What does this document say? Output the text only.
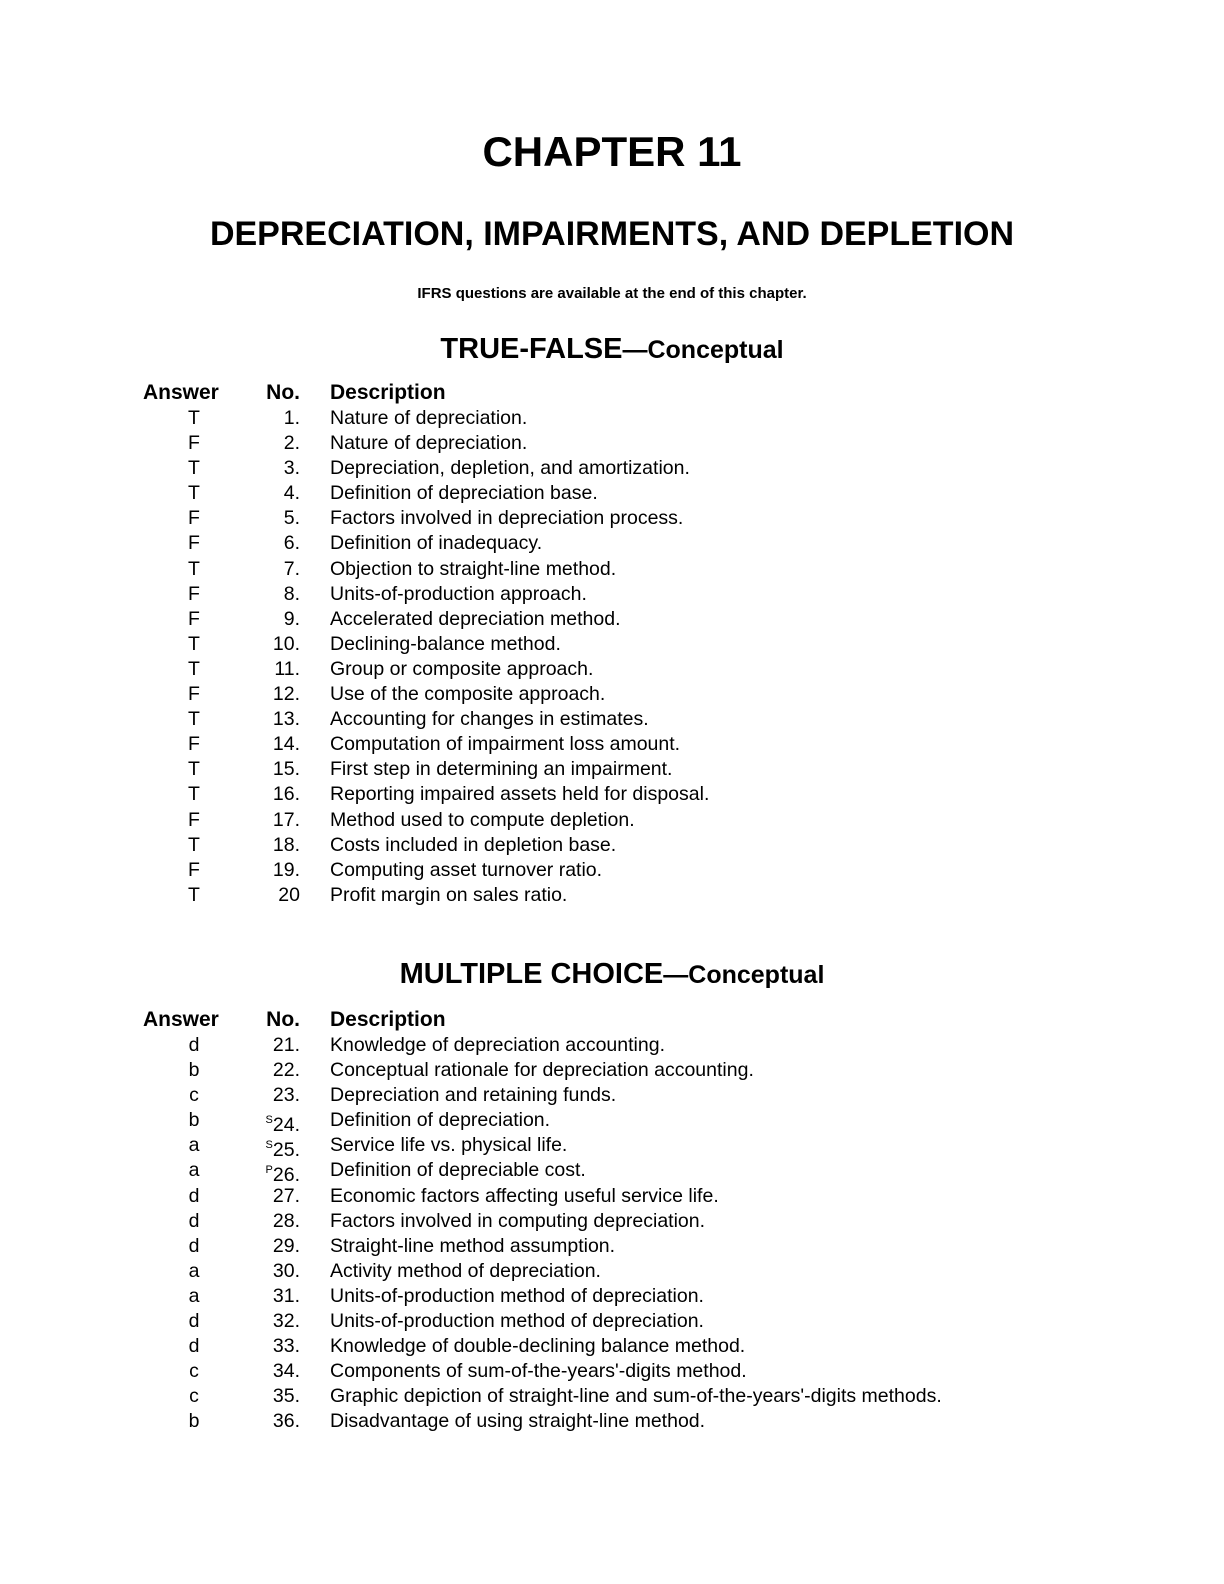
CHAPTER 11
DEPRECIATION, IMPAIRMENTS, AND DEPLETION
IFRS questions are available at the end of this chapter.
TRUE-FALSE—Conceptual
Answer No. Description
T	1. Nature of depreciation.
F	2. Nature of depreciation.
T	3. Depreciation, depletion, and amortization.
T	4. Definition of depreciation base.
F	5. Factors involved in depreciation process.
F	6. Definition of inadequacy.
T	7. Objection to straight-line method.
F	8. Units-of-production approach.
F	9. Accelerated depreciation method.
T	10. Declining-balance method.
T	11. Group or composite approach.
F	12. Use of the composite approach.
T	13. Accounting for changes in estimates.
F	14. Computation of impairment loss amount.
T	15. First step in determining an impairment.
T	16. Reporting impaired assets held for disposal.
F	17. Method used to compute depletion.
T	18. Costs included in depletion base.
F	19. Computing asset turnover ratio.
T	20 Profit margin on sales ratio.
MULTIPLE CHOICE—Conceptual
Answer No. Description
d	21. Knowledge of depreciation accounting.
b	22. Conceptual rationale for depreciation accounting.
c	23. Depreciation and retaining funds.
b	$^S$24. Definition of depreciation.
a	$^S$25. Service life vs. physical life.
a	$^P$26. Definition of depreciable cost.
d	27. Economic factors affecting useful service life.
d	28. Factors involved in computing depreciation.
d	29. Straight-line method assumption.
a	30. Activity method of depreciation.
a	31. Units-of-production method of depreciation.
d	32. Units-of-production method of depreciation.
d	33. Knowledge of double-declining balance method.
c	34. Components of sum-of-the-years'-digits method.
c	35. Graphic depiction of straight-line and sum-of-the-years'-digits methods.
b	36. Disadvantage of using straight-line method.
